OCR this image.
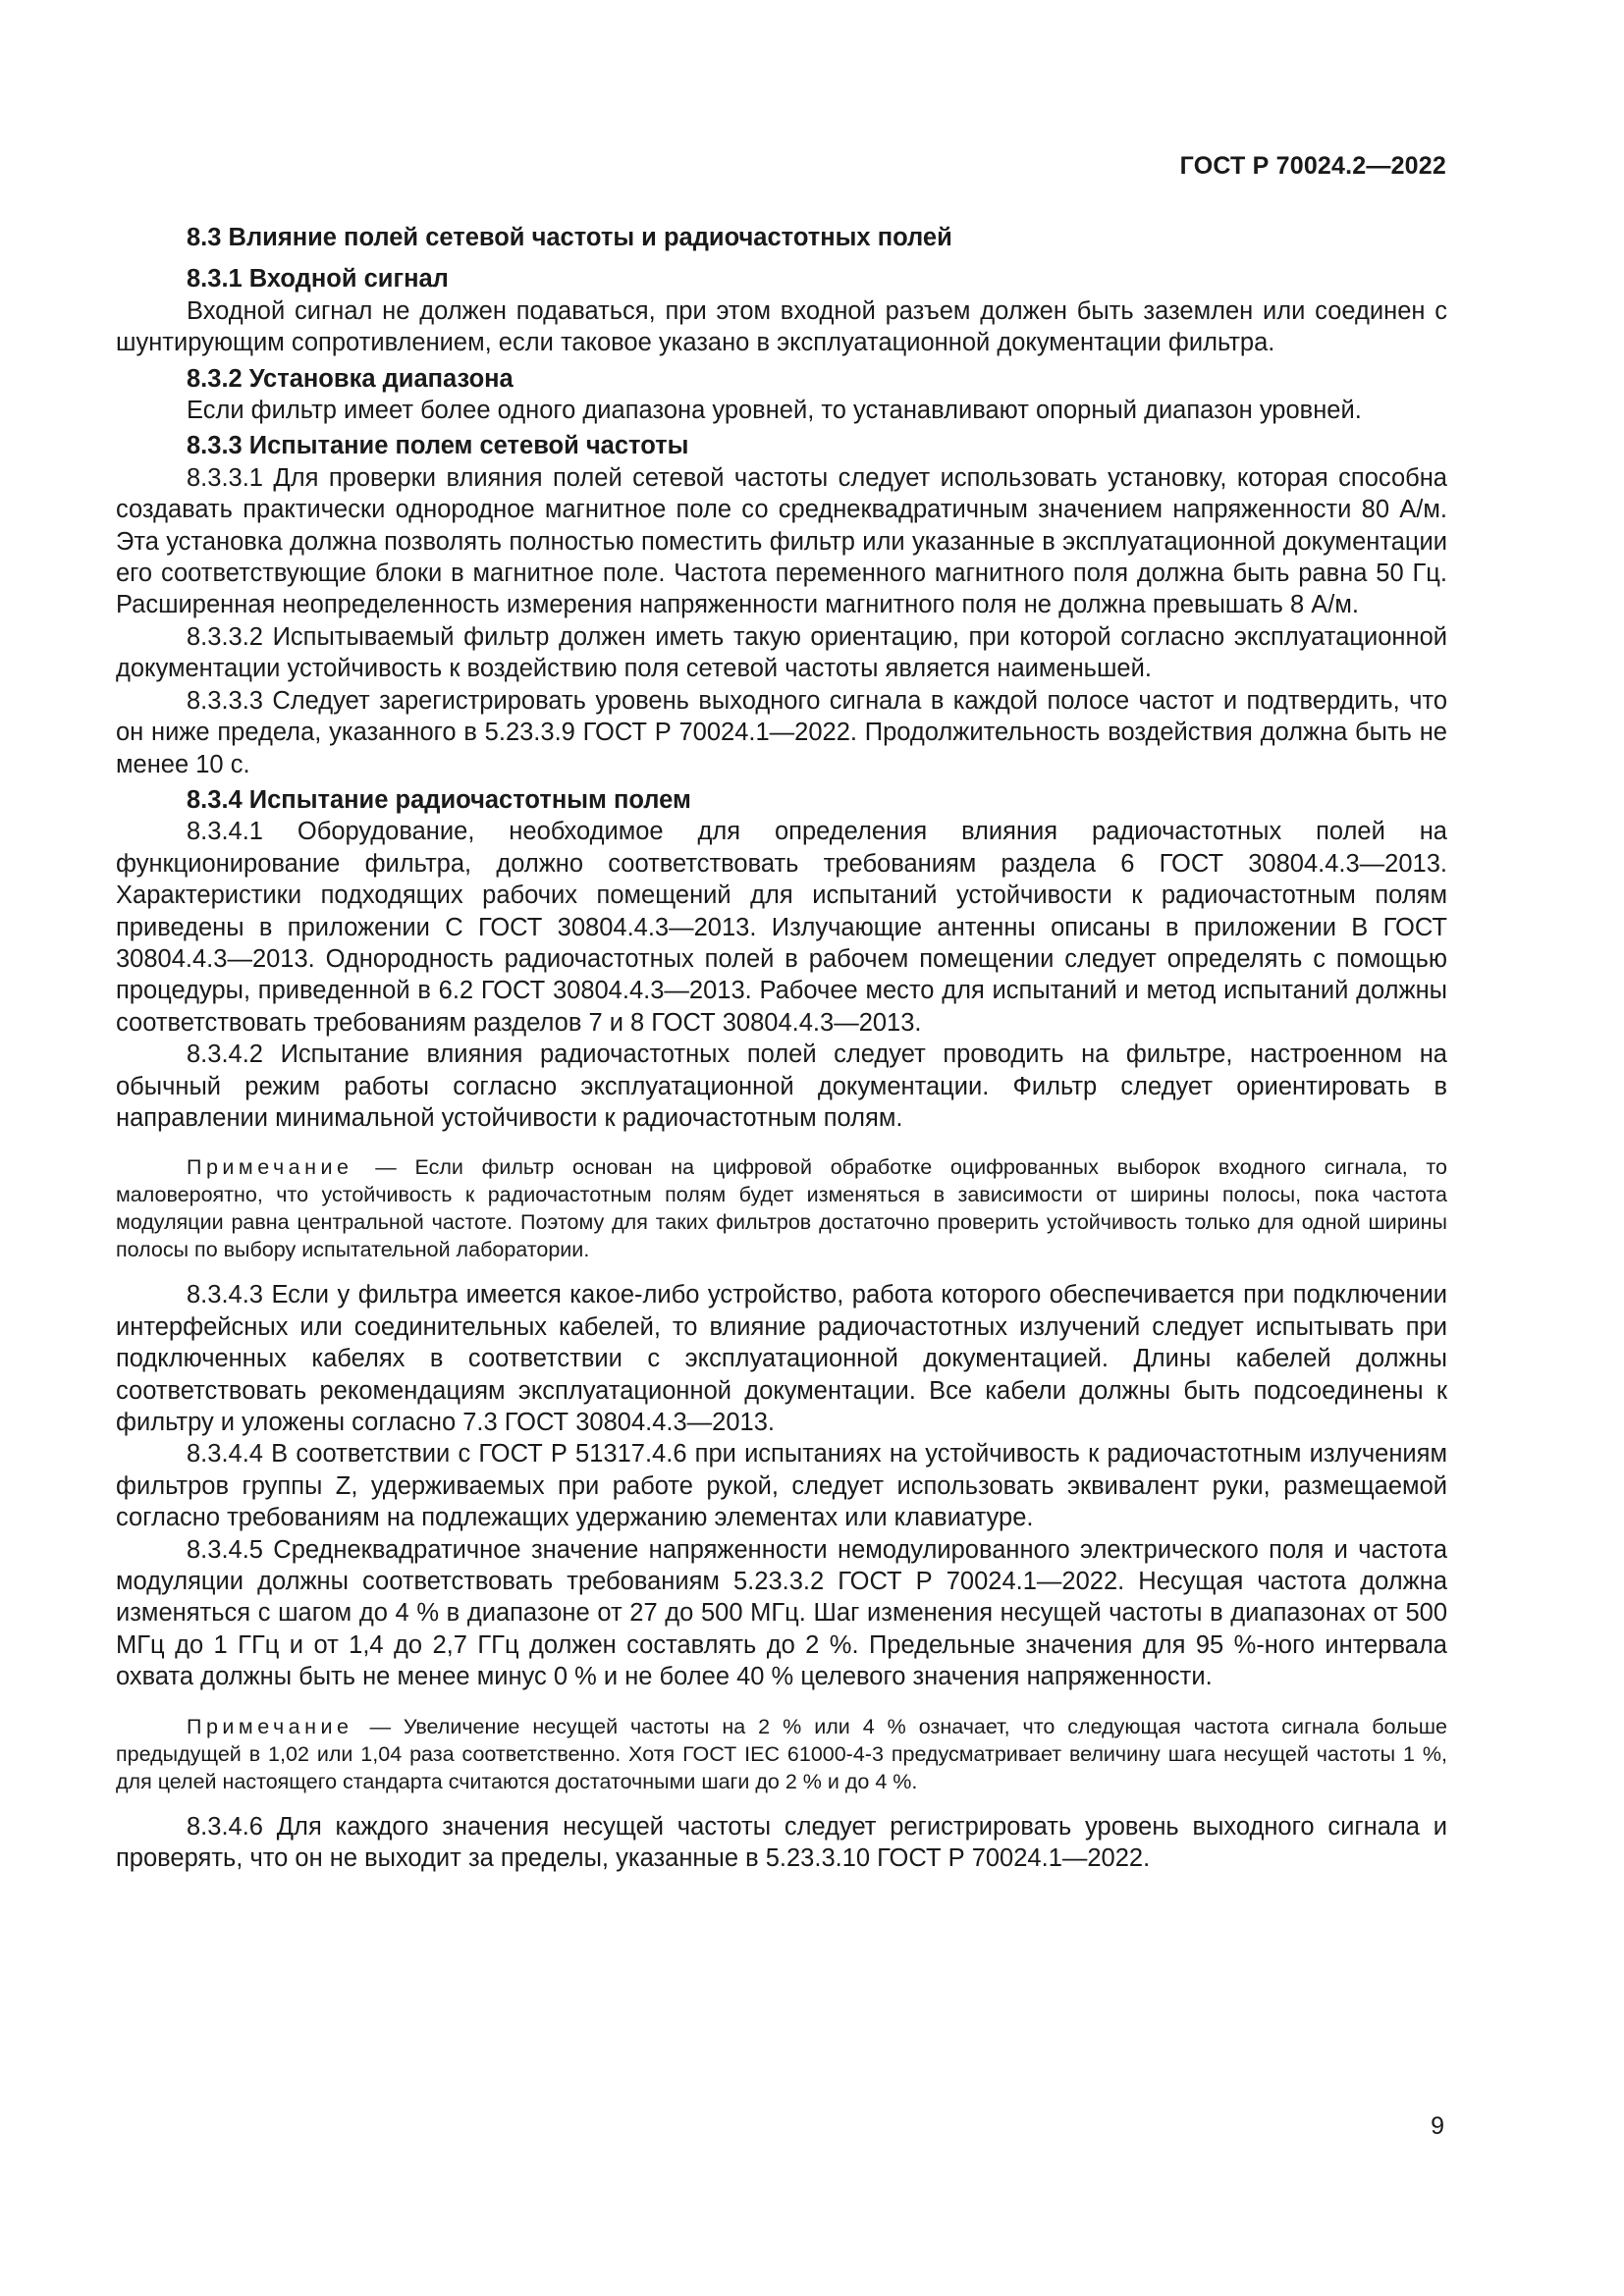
ГОСТ Р 70024.2—2022
8.3 Влияние полей сетевой частоты и радиочастотных полей
8.3.1 Входной сигнал

Входной сигнал не должен подаваться, при этом входной разъем должен быть заземлен или соединен с шунтирующим сопротивлением, если таковое указано в эксплуатационной документации фильтра.

8.3.2 Установка диапазона

Если фильтр имеет более одного диапазона уровней, то устанавливают опорный диапазон уровней.

8.3.3 Испытание полем сетевой частоты

8.3.3.1 Для проверки влияния полей сетевой частоты следует использовать установку, которая способна создавать практически однородное магнитное поле со среднеквадратичным значением напряженности 80 А/м. Эта установка должна позволять полностью поместить фильтр или указанные в эксплуатационной документации его соответствующие блоки в магнитное поле. Частота переменного магнитного поля должна быть равна 50 Гц. Расширенная неопределенность измерения напряженности магнитного поля не должна превышать 8 А/м.

8.3.3.2 Испытываемый фильтр должен иметь такую ориентацию, при которой согласно эксплуатационной документации устойчивость к воздействию поля сетевой частоты является наименьшей.

8.3.3.3 Следует зарегистрировать уровень выходного сигнала в каждой полосе частот и подтвердить, что он ниже предела, указанного в 5.23.3.9 ГОСТ Р 70024.1—2022. Продолжительность воздействия должна быть не менее 10 с.

8.3.4 Испытание радиочастотным полем

8.3.4.1 Оборудование, необходимое для определения влияния радиочастотных полей на функционирование фильтра, должно соответствовать требованиям раздела 6 ГОСТ 30804.4.3—2013. Характеристики подходящих рабочих помещений для испытаний устойчивости к радиочастотным полям приведены в приложении С ГОСТ 30804.4.3—2013. Излучающие антенны описаны в приложении В ГОСТ 30804.4.3—2013. Однородность радиочастотных полей в рабочем помещении следует определять с помощью процедуры, приведенной в 6.2 ГОСТ 30804.4.3—2013. Рабочее место для испытаний и метод испытаний должны соответствовать требованиям разделов 7 и 8 ГОСТ 30804.4.3—2013.

8.3.4.2 Испытание влияния радиочастотных полей следует проводить на фильтре, настроенном на обычный режим работы согласно эксплуатационной документации. Фильтр следует ориентировать в направлении минимальной устойчивости к радиочастотным полям.

Примечание — Если фильтр основан на цифровой обработке оцифрованных выборок входного сигнала, то маловероятно, что устойчивость к радиочастотным полям будет изменяться в зависимости от ширины полосы, пока частота модуляции равна центральной частоте. Поэтому для таких фильтров достаточно проверить устойчивость только для одной ширины полосы по выбору испытательной лаборатории.

8.3.4.3 Если у фильтра имеется какое-либо устройство, работа которого обеспечивается при подключении интерфейсных или соединительных кабелей, то влияние радиочастотных излучений следует испытывать при подключенных кабелях в соответствии с эксплуатационной документацией. Длины кабелей должны соответствовать рекомендациям эксплуатационной документации. Все кабели должны быть подсоединены к фильтру и уложены согласно 7.3 ГОСТ 30804.4.3—2013.

8.3.4.4 В соответствии с ГОСТ Р 51317.4.6 при испытаниях на устойчивость к радиочастотным излучениям фильтров группы Z, удерживаемых при работе рукой, следует использовать эквивалент руки, размещаемой согласно требованиям на подлежащих удержанию элементах или клавиатуре.

8.3.4.5 Среднеквадратичное значение напряженности немодулированного электрического поля и частота модуляции должны соответствовать требованиям 5.23.3.2 ГОСТ Р 70024.1—2022. Несущая частота должна изменяться с шагом до 4 % в диапазоне от 27 до 500 МГц. Шаг изменения несущей частоты в диапазонах от 500 МГц до 1 ГГц и от 1,4 до 2,7 ГГц должен составлять до 2 %. Предельные значения для 95 %-ного интервала охвата должны быть не менее минус 0 % и не более 40 % целевого значения напряженности.

Примечание — Увеличение несущей частоты на 2 % или 4 % означает, что следующая частота сигнала больше предыдущей в 1,02 или 1,04 раза соответственно. Хотя ГОСТ IEC 61000-4-3 предусматривает величину шага несущей частоты 1 %, для целей настоящего стандарта считаются достаточными шаги до 2 % и до 4 %.

8.3.4.6 Для каждого значения несущей частоты следует регистрировать уровень выходного сигнала и проверять, что он не выходит за пределы, указанные в 5.23.3.10 ГОСТ Р 70024.1—2022.

9
